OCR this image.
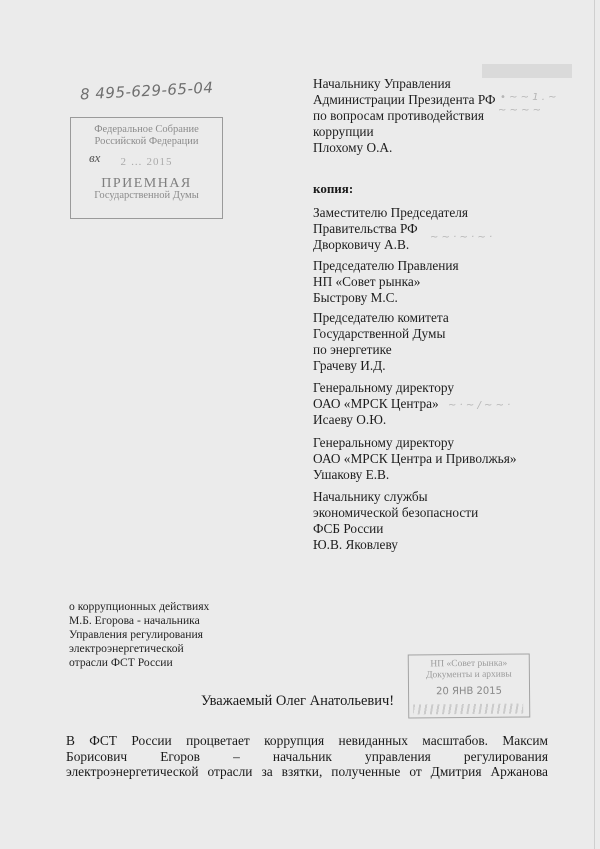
8 495-629-65-04
Федеральное Собрание
Российской Федерации
вх	2 … 2015
ПРИЕМНАЯ
Государственной Думы
Начальнику Управления
Администрации Президента РФ
по вопросам противодействия
коррупции
Плохому О.А.
• ~ ~ 1 . ~
~ ~ ~ ~
копия:
Заместителю Председателя
Правительства РФ
Дворковичу А.В.	~ ~ · ~ · ~ ·
Председателю Правления
НП «Совет рынка»
Быстрову М.С.
Председателю комитета
Государственной Думы
по энергетике
Грачеву И.Д.
Генеральному директору
ОАО «МРСК Центра»
Исаеву О.Ю.
~ · ~ / ~ ~ ·
Генеральному директору
ОАО «МРСК Центра и Приволжья»
Ушакову Е.В.
Начальнику службы
экономической безопасности
ФСБ России
Ю.В. Яковлеву
о коррупционных действиях
М.Б. Егорова - начальника
Управления регулирования
электроэнергетической
отрасли ФСТ России	НП «Совет рынка»
Документы и архивы
20 ЯНВ 2015
Уважаемый Олег Анатольевич!
В ФСТ России процветает коррупция невиданных масштабов. Максим
Борисович Егоров – начальник управления регулирования
электроэнергетической отрасли за взятки, полученные от Дмитрия Аржанова
